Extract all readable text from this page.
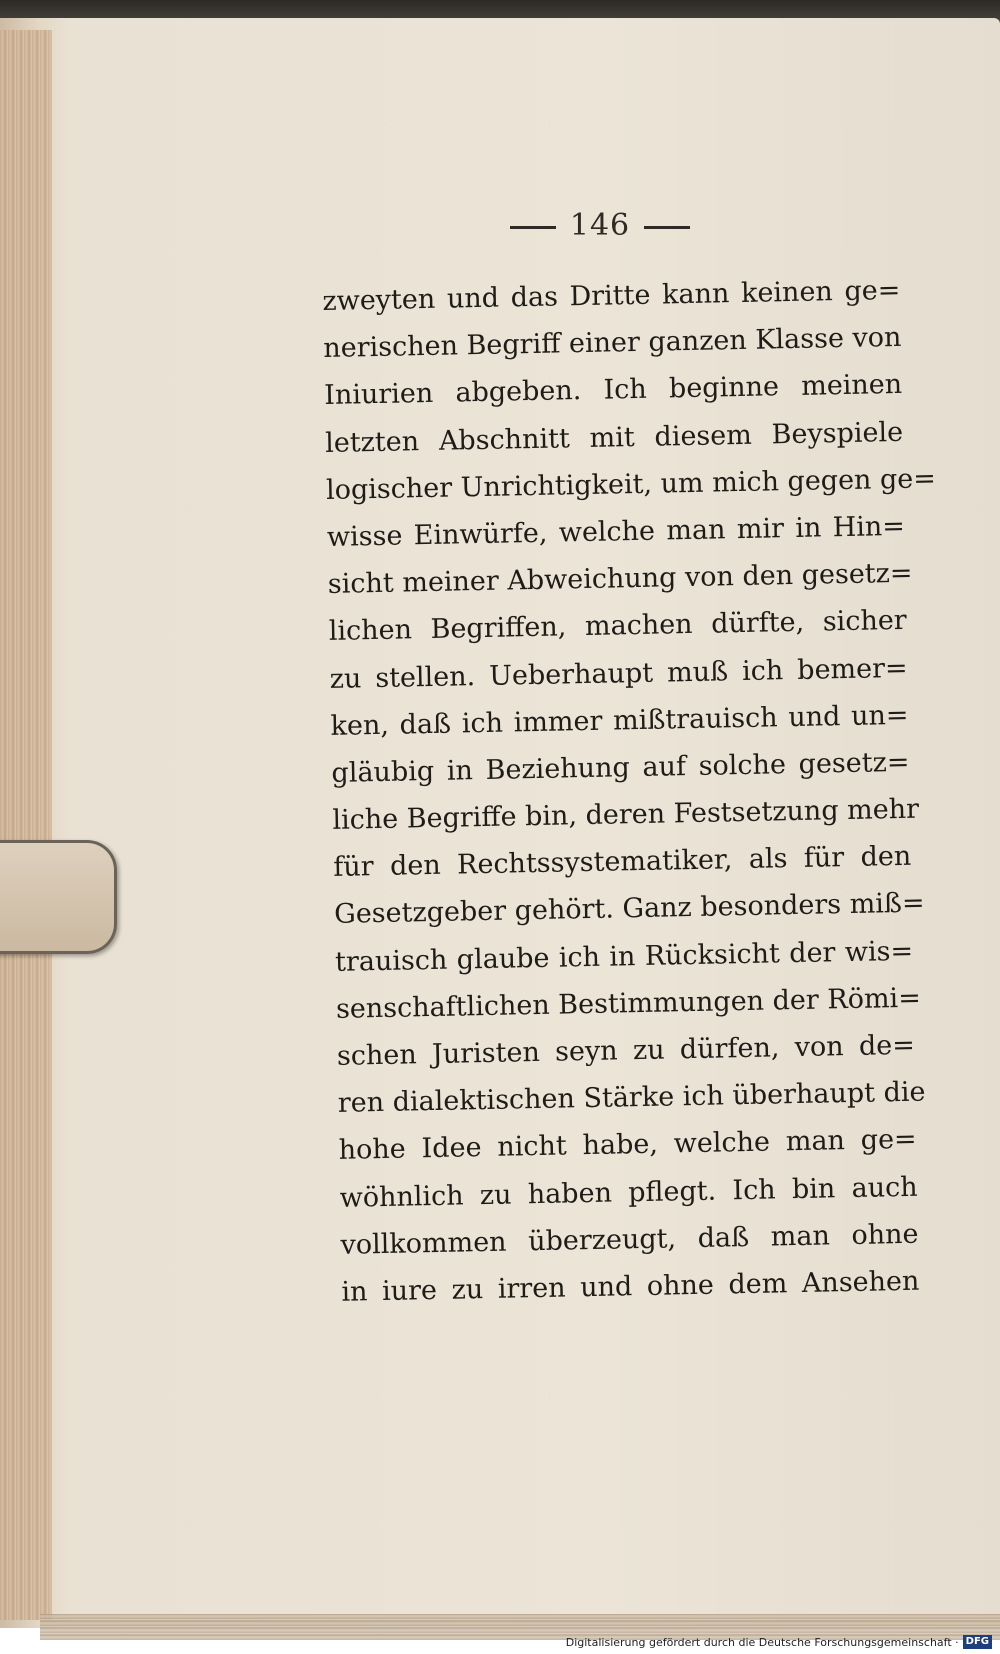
146
zweyten und das Dritte kann keinen ge=
nerischen Begriff einer ganzen Klasse von
Iniurien abgeben. Ich beginne meinen
letzten Abschnitt mit diesem Beyspiele
logischer Unrichtigkeit, um mich gegen ge=
wisse Einwürfe, welche man mir in Hin=
sicht meiner Abweichung von den gesetz=
lichen Begriffen, machen dürfte, sicher
zu stellen. Ueberhaupt muß ich bemer=
ken, daß ich immer mißtrauisch und un=
gläubig in Beziehung auf solche gesetz=
liche Begriffe bin, deren Festsetzung mehr
für den Rechtssystematiker, als für den
Gesetzgeber gehört. Ganz besonders miß=
trauisch glaube ich in Rücksicht der wis=
senschaftlichen Bestimmungen der Römi=
schen Juristen seyn zu dürfen, von de=
ren dialektischen Stärke ich überhaupt die
hohe Idee nicht habe, welche man ge=
wöhnlich zu haben pflegt. Ich bin auch
vollkommen überzeugt, daß man ohne
in iure zu irren und ohne dem Ansehen
Digitalisierung gefördert durch die Deutsche Forschungsgemeinschaft · DFG
